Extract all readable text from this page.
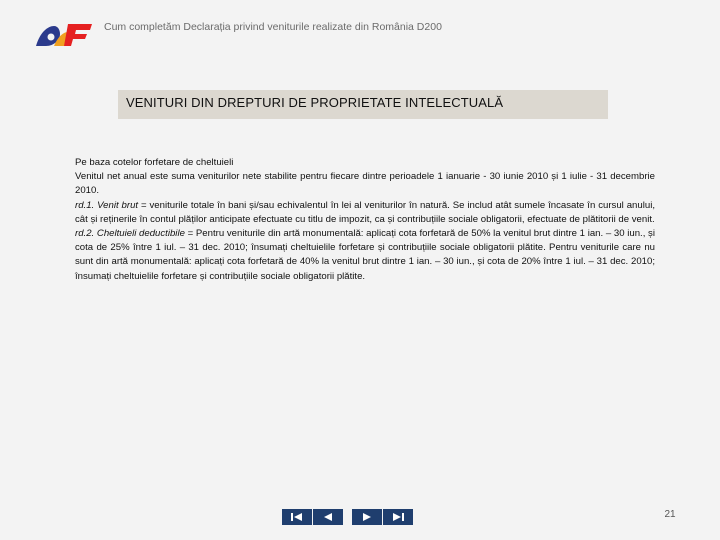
Cum completăm Declarația privind veniturile realizate din România D200
VENITURI DIN DREPTURI DE PROPRIETATE INTELECTUALĂ

Pe baza cotelor forfetare de cheltuieli

Venitul net anual este suma veniturilor nete stabilite pentru fiecare dintre perioadele 1 ianuarie - 30 iunie 2010 și 1 iulie - 31 decembrie 2010.

rd.1. Venit brut = veniturile totale în bani și/sau echivalentul în lei al veniturilor în natură. Se includ atât sumele încasate în cursul anului, cât și reținerile în contul plăților anticipate efectuate cu titlu de impozit, ca și contribuțiile sociale obligatorii, efectuate de plătitorii de venit.

rd.2. Cheltuieli deductibile = Pentru veniturile din artă monumentală: aplicați cota forfetară de 50% la venitul brut dintre 1 ian. – 30 iun., și cota de 25% între 1 iul. – 31 dec. 2010; însumați cheltuielile forfetare și contribuțiile sociale obligatorii plătite. Pentru veniturile care nu sunt din artă monumentală: aplicați cota forfetară de 40% la venitul brut dintre 1 ian. – 30 iun., și cota de 20% între 1 iul. – 31 dec. 2010; însumați cheltuielile forfetare și contribuțiile sociale obligatorii plătite.

21
